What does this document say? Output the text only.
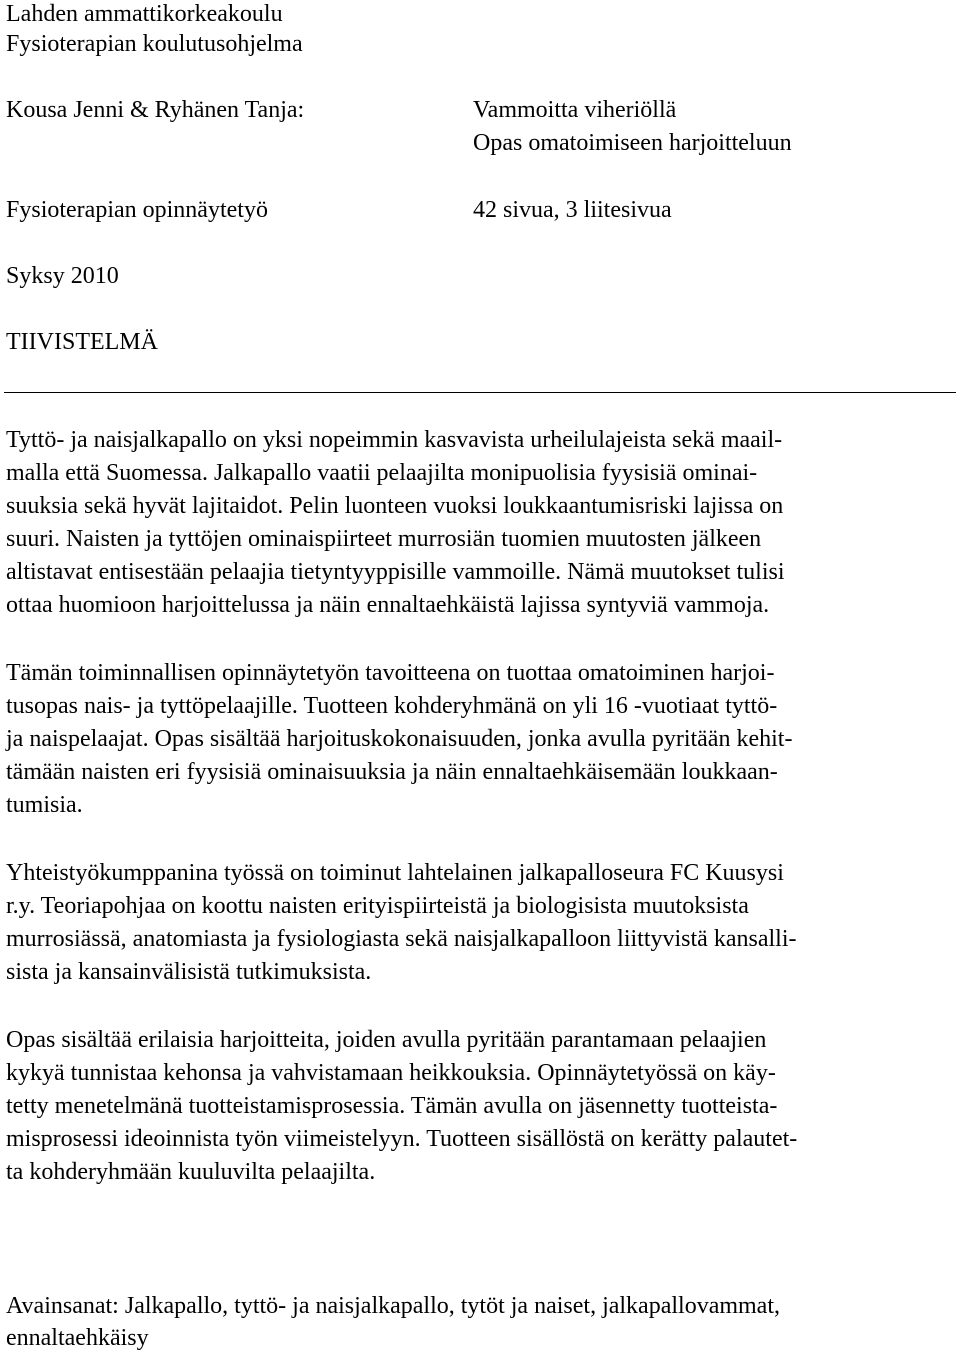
Lahden ammattikorkeakoulu
Fysioterapian koulutusohjelma
Kousa Jenni & Ryhänen Tanja:	Vammoitta viheriöllä
Opas omatoimiseen harjoitteluun
Fysioterapian opinnäytetyö	42 sivua, 3 liitesivua
Syksy 2010
TIIVISTELMÄ
Tyttö- ja naisjalkapallo on yksi nopeimmin kasvavista urheilulajeista sekä maail-
malla että Suomessa. Jalkapallo vaatii pelaajilta monipuolisia fyysisiä ominai-
suuksia sekä hyvät lajitaidot. Pelin luonteen vuoksi loukkaantumisriski lajissa on
suuri. Naisten ja tyttöjen ominaispiirteet murrosiän tuomien muutosten jälkeen
altistavat entisestään pelaajia tietyntyyppisille vammoille. Nämä muutokset tulisi
ottaa huomioon harjoittelussa ja näin ennaltaehkäistä lajissa syntyviä vammoja.
Tämän toiminnallisen opinnäytetyön tavoitteena on tuottaa omatoiminen harjoi-
tusopas nais- ja tyttöpelaajille. Tuotteen kohderyhmänä on yli 16 -vuotiaat tyttö-
ja naispelaajat. Opas sisältää harjoituskokonaisuuden, jonka avulla pyritään kehit-
tämään naisten eri fyysisiä ominaisuuksia ja näin ennaltaehkäisemään loukkaan-
tumisia.
Yhteistyökumppanina työssä on toiminut lahtelainen jalkapalloseura FC Kuusysi
r.y. Teoriapohjaa on koottu naisten erityispiirteistä ja biologisista muutoksista
murrosiässä, anatomiasta ja fysiologiasta sekä naisjalkapalloon liittyvistä kansalli-
sista ja kansainvälisistä tutkimuksista.
Opas sisältää erilaisia harjoitteita, joiden avulla pyritään parantamaan pelaajien
kykyä tunnistaa kehonsa ja vahvistamaan heikkouksia. Opinnäytetyössä on käy-
tetty menetelmänä tuotteistamisprosessia. Tämän avulla on jäsennetty tuotteista-
misprosessi ideoinnista työn viimeistelyyn. Tuotteen sisällöstä on kerätty palautet-
ta kohderyhmään kuuluvilta pelaajilta.
Avainsanat: Jalkapallo, tyttö- ja naisjalkapallo, tytöt ja naiset, jalkapallovammat,
ennaltaehkäisy
